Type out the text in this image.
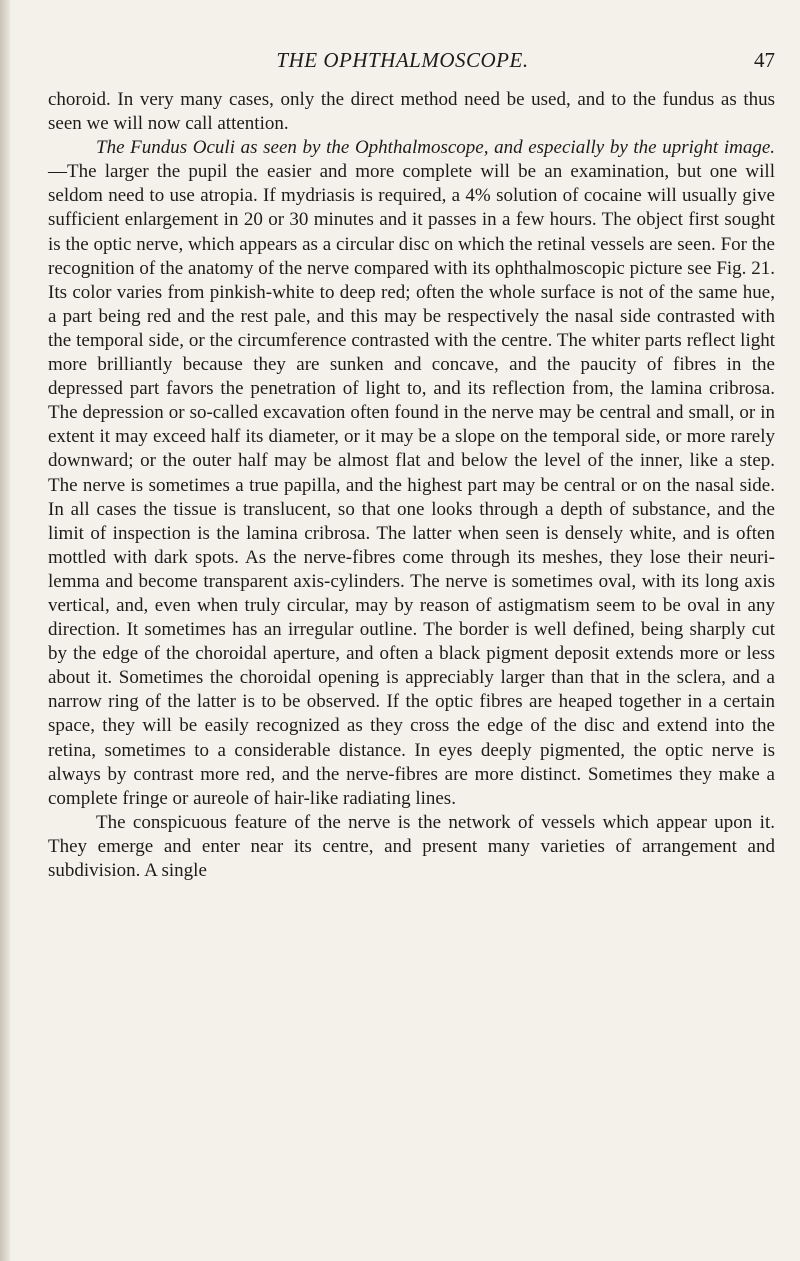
THE OPHTHALMOSCOPE.	47

choroid. In very many cases, only the direct method need be used, and to the fundus as thus seen we will now call attention.

The Fundus Oculi as seen by the Ophthalmoscope, and especially by the upright image.—The larger the pupil the easier and more complete will be an examination, but one will seldom need to use atropia. If mydriasis is required, a 4% solution of cocaine will usually give sufficient enlargement in 20 or 30 minutes and it passes in a few hours. The object first sought is the optic nerve, which appears as a circular disc on which the retinal vessels are seen. For the recognition of the anatomy of the nerve compared with its ophthalmoscopic picture see Fig. 21. Its color varies from pinkish-white to deep red; often the whole surface is not of the same hue, a part being red and the rest pale, and this may be respectively the nasal side contrasted with the temporal side, or the circumference contrasted with the centre. The whiter parts reflect light more brilliantly because they are sunken and concave, and the paucity of fibres in the depressed part favors the penetration of light to, and its reflection from, the lamina cribrosa. The depression or so-called excavation often found in the nerve may be central and small, or in extent it may exceed half its diameter, or it may be a slope on the temporal side, or more rarely downward; or the outer half may be almost flat and below the level of the inner, like a step. The nerve is sometimes a true papilla, and the highest part may be central or on the nasal side. In all cases the tissue is translucent, so that one looks through a depth of substance, and the limit of inspection is the lamina cribrosa. The latter when seen is densely white, and is often mottled with dark spots. As the nerve-fibres come through its meshes, they lose their neurilemma and become transparent axis-cylinders. The nerve is sometimes oval, with its long axis vertical, and, even when truly circular, may by reason of astigmatism seem to be oval in any direction. It sometimes has an irregular outline. The border is well defined, being sharply cut by the edge of the choroidal aperture, and often a black pigment deposit extends more or less about it. Sometimes the choroidal opening is appreciably larger than that in the sclera, and a narrow ring of the latter is to be observed. If the optic fibres are heaped together in a certain space, they will be easily recognized as they cross the edge of the disc and extend into the retina, sometimes to a considerable distance. In eyes deeply pigmented, the optic nerve is always by contrast more red, and the nerve-fibres are more distinct. Sometimes they make a complete fringe or aureole of hair-like radiating lines.

The conspicuous feature of the nerve is the network of vessels which appear upon it. They emerge and enter near its centre, and present many varieties of arrangement and subdivision. A single
